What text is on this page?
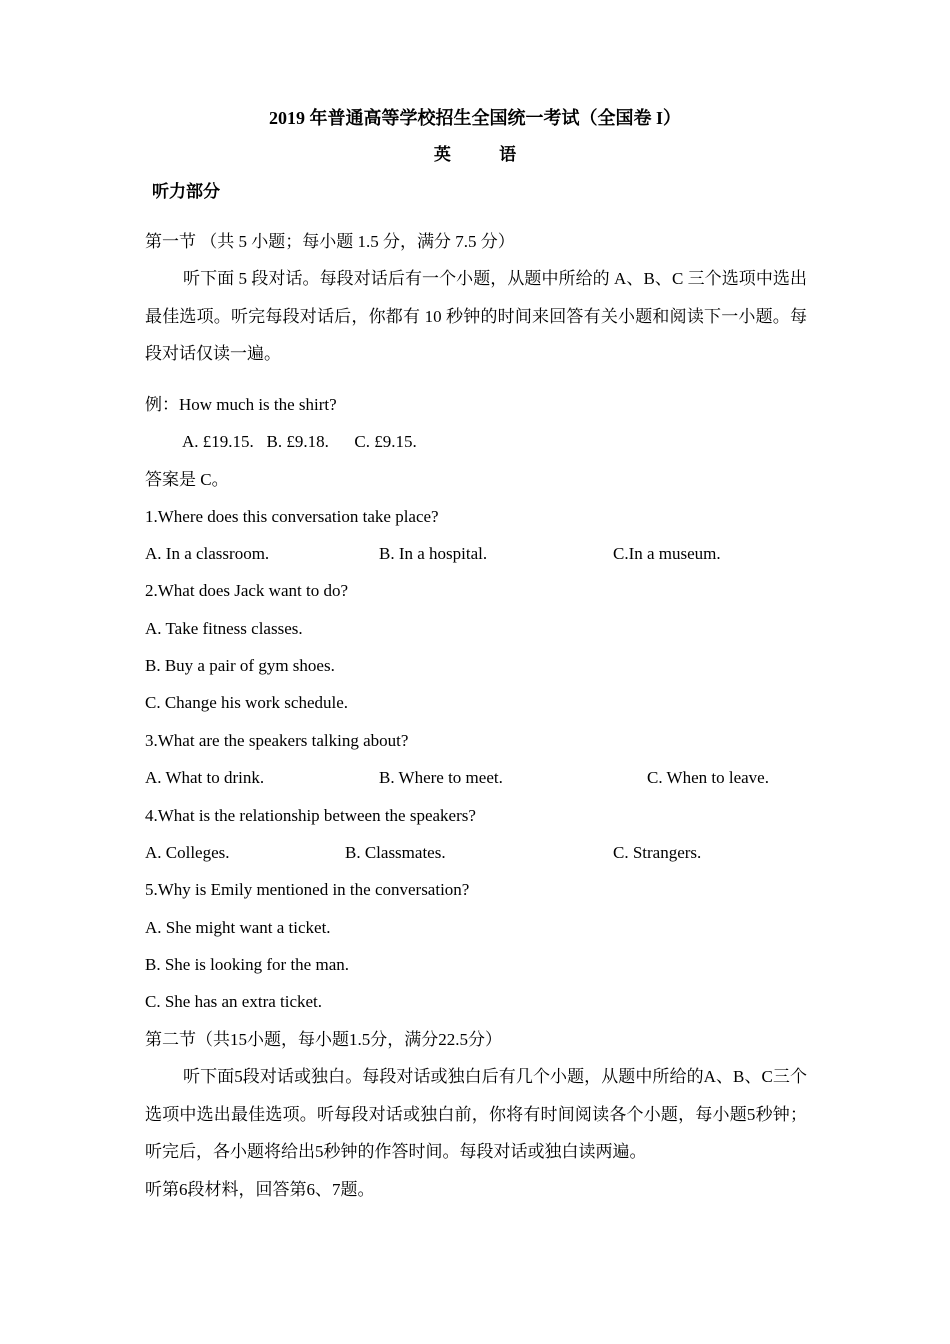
2019 年普通高等学校招生全国统一考试（全国卷 I）
英 语
听力部分
第一节 （共 5 小题；每小题 1.5 分，满分 7.5 分）
听下面 5 段对话。每段对话后有一个小题，从题中所给的 A、B、C 三个选项中选出最佳选项。听完每段对话后，你都有 10 秒钟的时间来回答有关小题和阅读下一小题。每段对话仅读一遍。
例：How much is the shirt?
A. £19.15.   B. £9.18.      C. £9.15.
答案是 C。
1.Where does this conversation take place?
A. In a classroom.	B. In a hospital.	C.In a museum.
2.What does Jack want to do?
A. Take fitness classes.
B. Buy a pair of gym shoes.
C. Change his work schedule.
3.What are the speakers talking about?
A. What to drink.	B. Where to meet.	C. When to leave.
4.What is the relationship between the speakers?
A. Colleges.	B. Classmates.	C. Strangers.
5.Why is Emily mentioned in the conversation?
A. She might want a ticket.
B. She is looking for the man.
C. She has an extra ticket.
第二节（共15小题，每小题1.5分，满分22.5分）
听下面5段对话或独白。每段对话或独白后有几个小题，从题中所给的A、B、C三个选项中选出最佳选项。听每段对话或独白前，你将有时间阅读各个小题，每小题5秒钟；听完后，各小题将给出5秒钟的作答时间。每段对话或独白读两遍。
听第6段材料，回答第6、7题。
